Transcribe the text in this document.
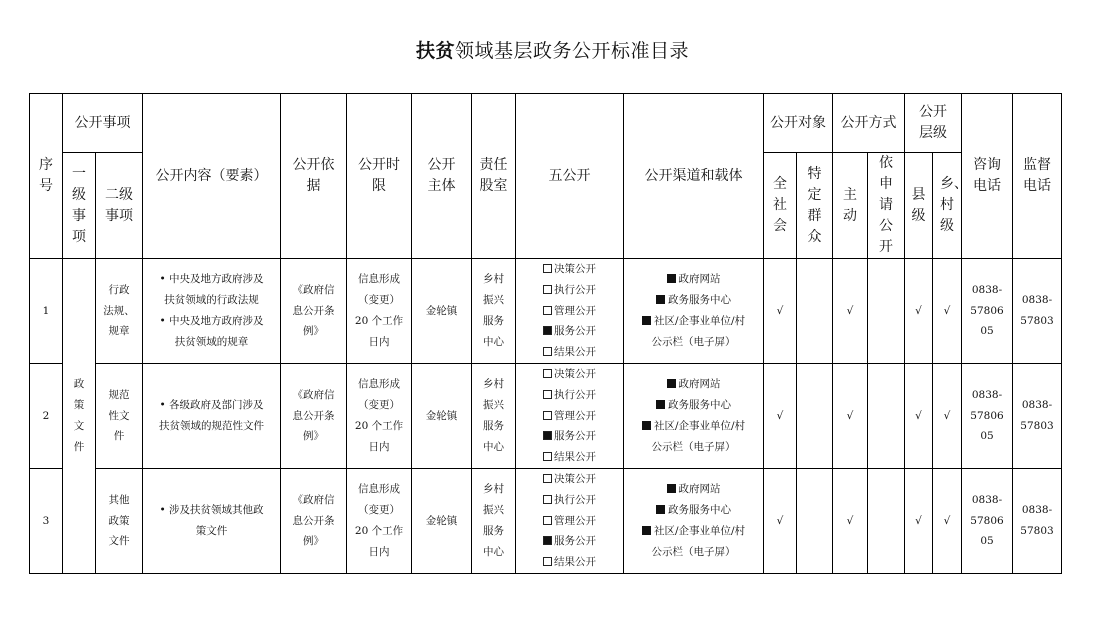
扶贫领域基层政务公开标准目录
序号	公开事项		公开内容（要素）	公开依据	公开时限	公开主体	责任股室	五公开	公开渠道和载体	公开对象		公开方式		公开层级		咨询电话	监督电话
	一级事项	二级事项								全社会	特定群众	主动	依申请公开	县级	乡、村级		
1	政策文件	行政
法规、
规章	• 中央及地方政府涉及
扶贫领域的行政法规
• 中央及地方政府涉及
扶贫领域的规章	《政府信
息公开条
例》	信息形成
（变更）
20 个工作
日内	金轮镇	乡村
振兴
服务
中心	决策公开
执行公开
管理公开
服务公开
结果公开	政府网站
政务服务中心
社区/企事业单位/村
公示栏（电子屏）	√		√		√	√	0838-
57806
05	0838-
57803

2		规范
性文
件	• 各级政府及部门涉及
扶贫领域的规范性文件	《政府信
息公开条
例》	信息形成
（变更）
20 个工作
日内	金轮镇	乡村
振兴
服务
中心	决策公开
执行公开
管理公开
服务公开
结果公开	政府网站
政务服务中心
社区/企事业单位/村
公示栏（电子屏）	√		√		√	√	0838-
57806
05	0838-
57803

3		其他
政策
文件	• 涉及扶贫领域其他政
策文件	《政府信
息公开条
例》	信息形成
（变更）
20 个工作
日内	金轮镇	乡村
振兴
服务
中心	决策公开
执行公开
管理公开
服务公开
结果公开	政府网站
政务服务中心
社区/企事业单位/村
公示栏（电子屏）	√		√		√	√	0838-
57806
05	0838-
57803
